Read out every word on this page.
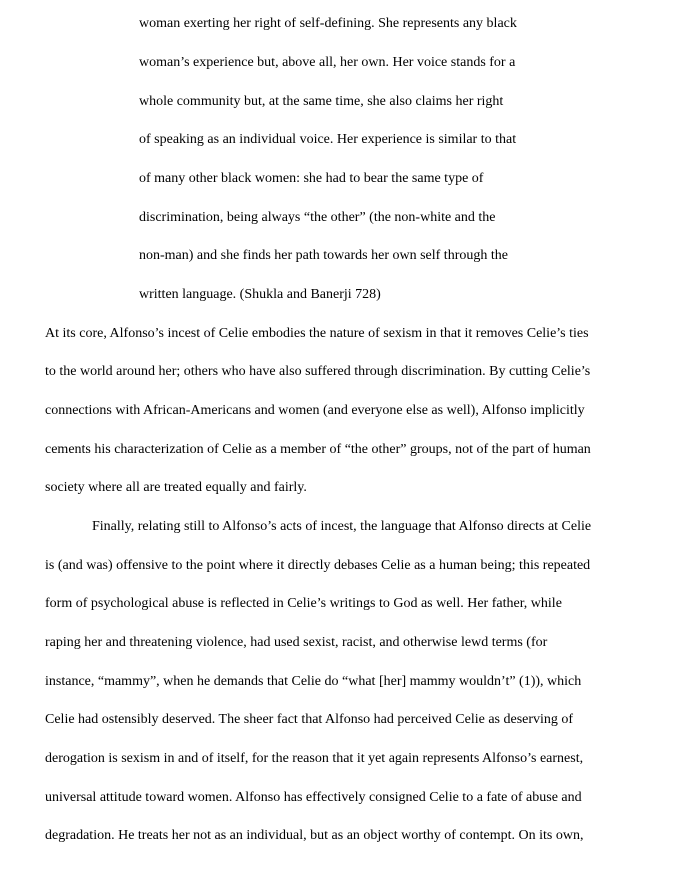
woman exerting her right of self-defining. She represents any black
woman’s experience but, above all, her own. Her voice stands for a
whole community but, at the same time, she also claims her right
of speaking as an individual voice. Her experience is similar to that
of many other black women: she had to bear the same type of
discrimination, being always “the other” (the non-white and the
non-man) and she finds her path towards her own self through the
written language. (Shukla and Banerji 728)
At its core, Alfonso’s incest of Celie embodies the nature of sexism in that it removes Celie’s ties
to the world around her; others who have also suffered through discrimination. By cutting Celie’s
connections with African-Americans and women (and everyone else as well), Alfonso implicitly
cements his characterization of Celie as a member of “the other” groups, not of the part of human
society where all are treated equally and fairly.
Finally, relating still to Alfonso’s acts of incest, the language that Alfonso directs at Celie
is (and was) offensive to the point where it directly debases Celie as a human being; this repeated
form of psychological abuse is reflected in Celie’s writings to God as well. Her father, while
raping her and threatening violence, had used sexist, racist, and otherwise lewd terms (for
instance, “mammy”, when he demands that Celie do “what [her] mammy wouldn’t” (1)), which
Celie had ostensibly deserved. The sheer fact that Alfonso had perceived Celie as deserving of
derogation is sexism in and of itself, for the reason that it yet again represents Alfonso’s earnest,
universal attitude toward women. Alfonso has effectively consigned Celie to a fate of abuse and
degradation. He treats her not as an individual, but as an object worthy of contempt. On its own,
